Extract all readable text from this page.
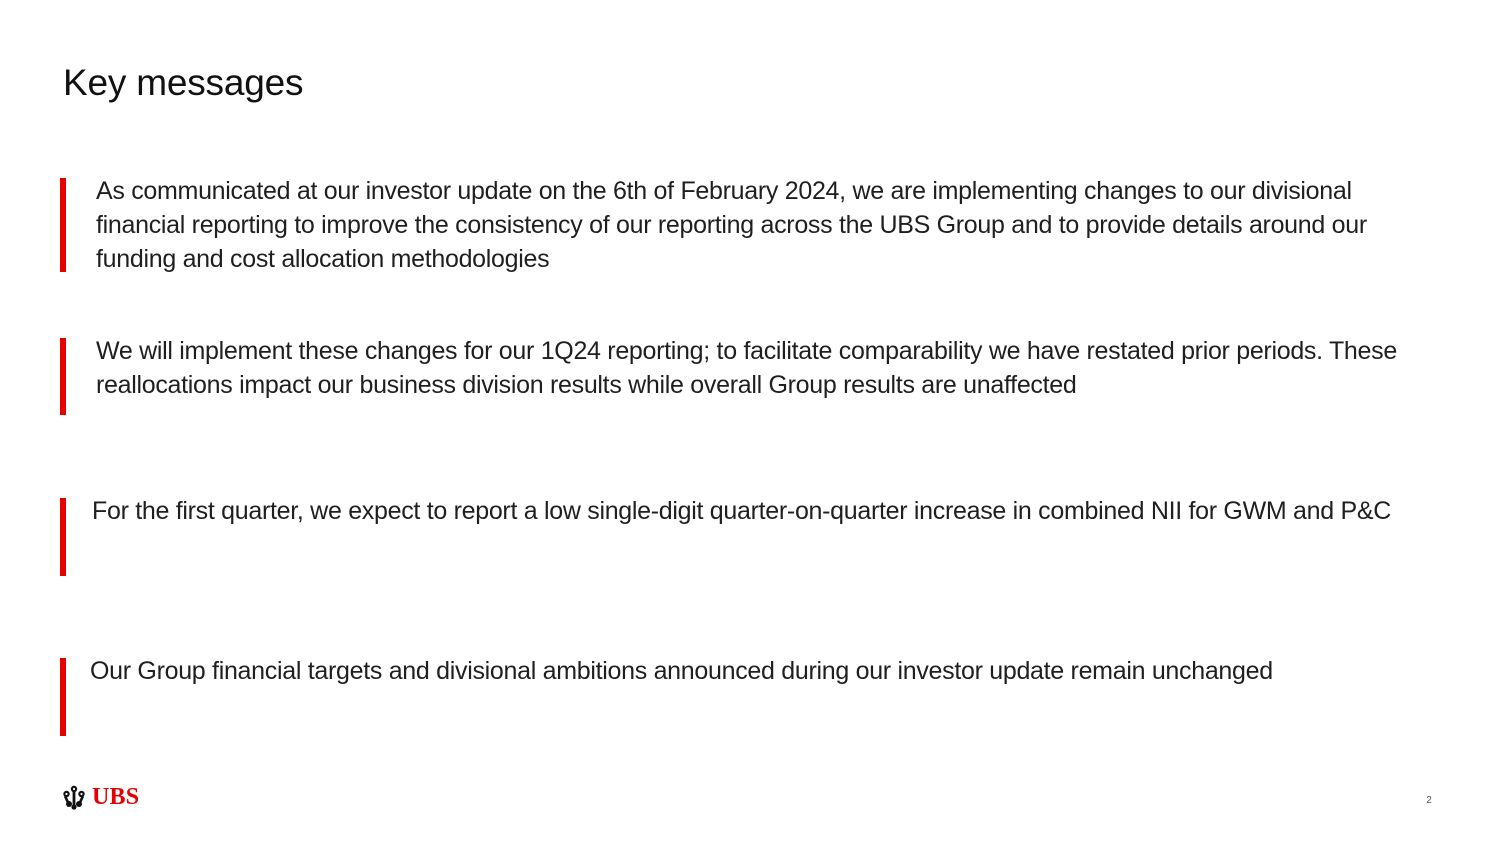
Key messages

As communicated at our investor update on the 6th of February 2024, we are implementing changes to our divisional financial reporting to improve the consistency of our reporting across the UBS Group and to provide details around our funding and cost allocation methodologies

We will implement these changes for our 1Q24 reporting; to facilitate comparability we have restated prior periods. These reallocations impact our business division results while overall Group results are unaffected

For the first quarter, we expect to report a low single-digit quarter-on-quarter increase in combined NII for GWM and P&C

Our Group financial targets and divisional ambitions announced during our investor update remain unchanged

UBS	2
